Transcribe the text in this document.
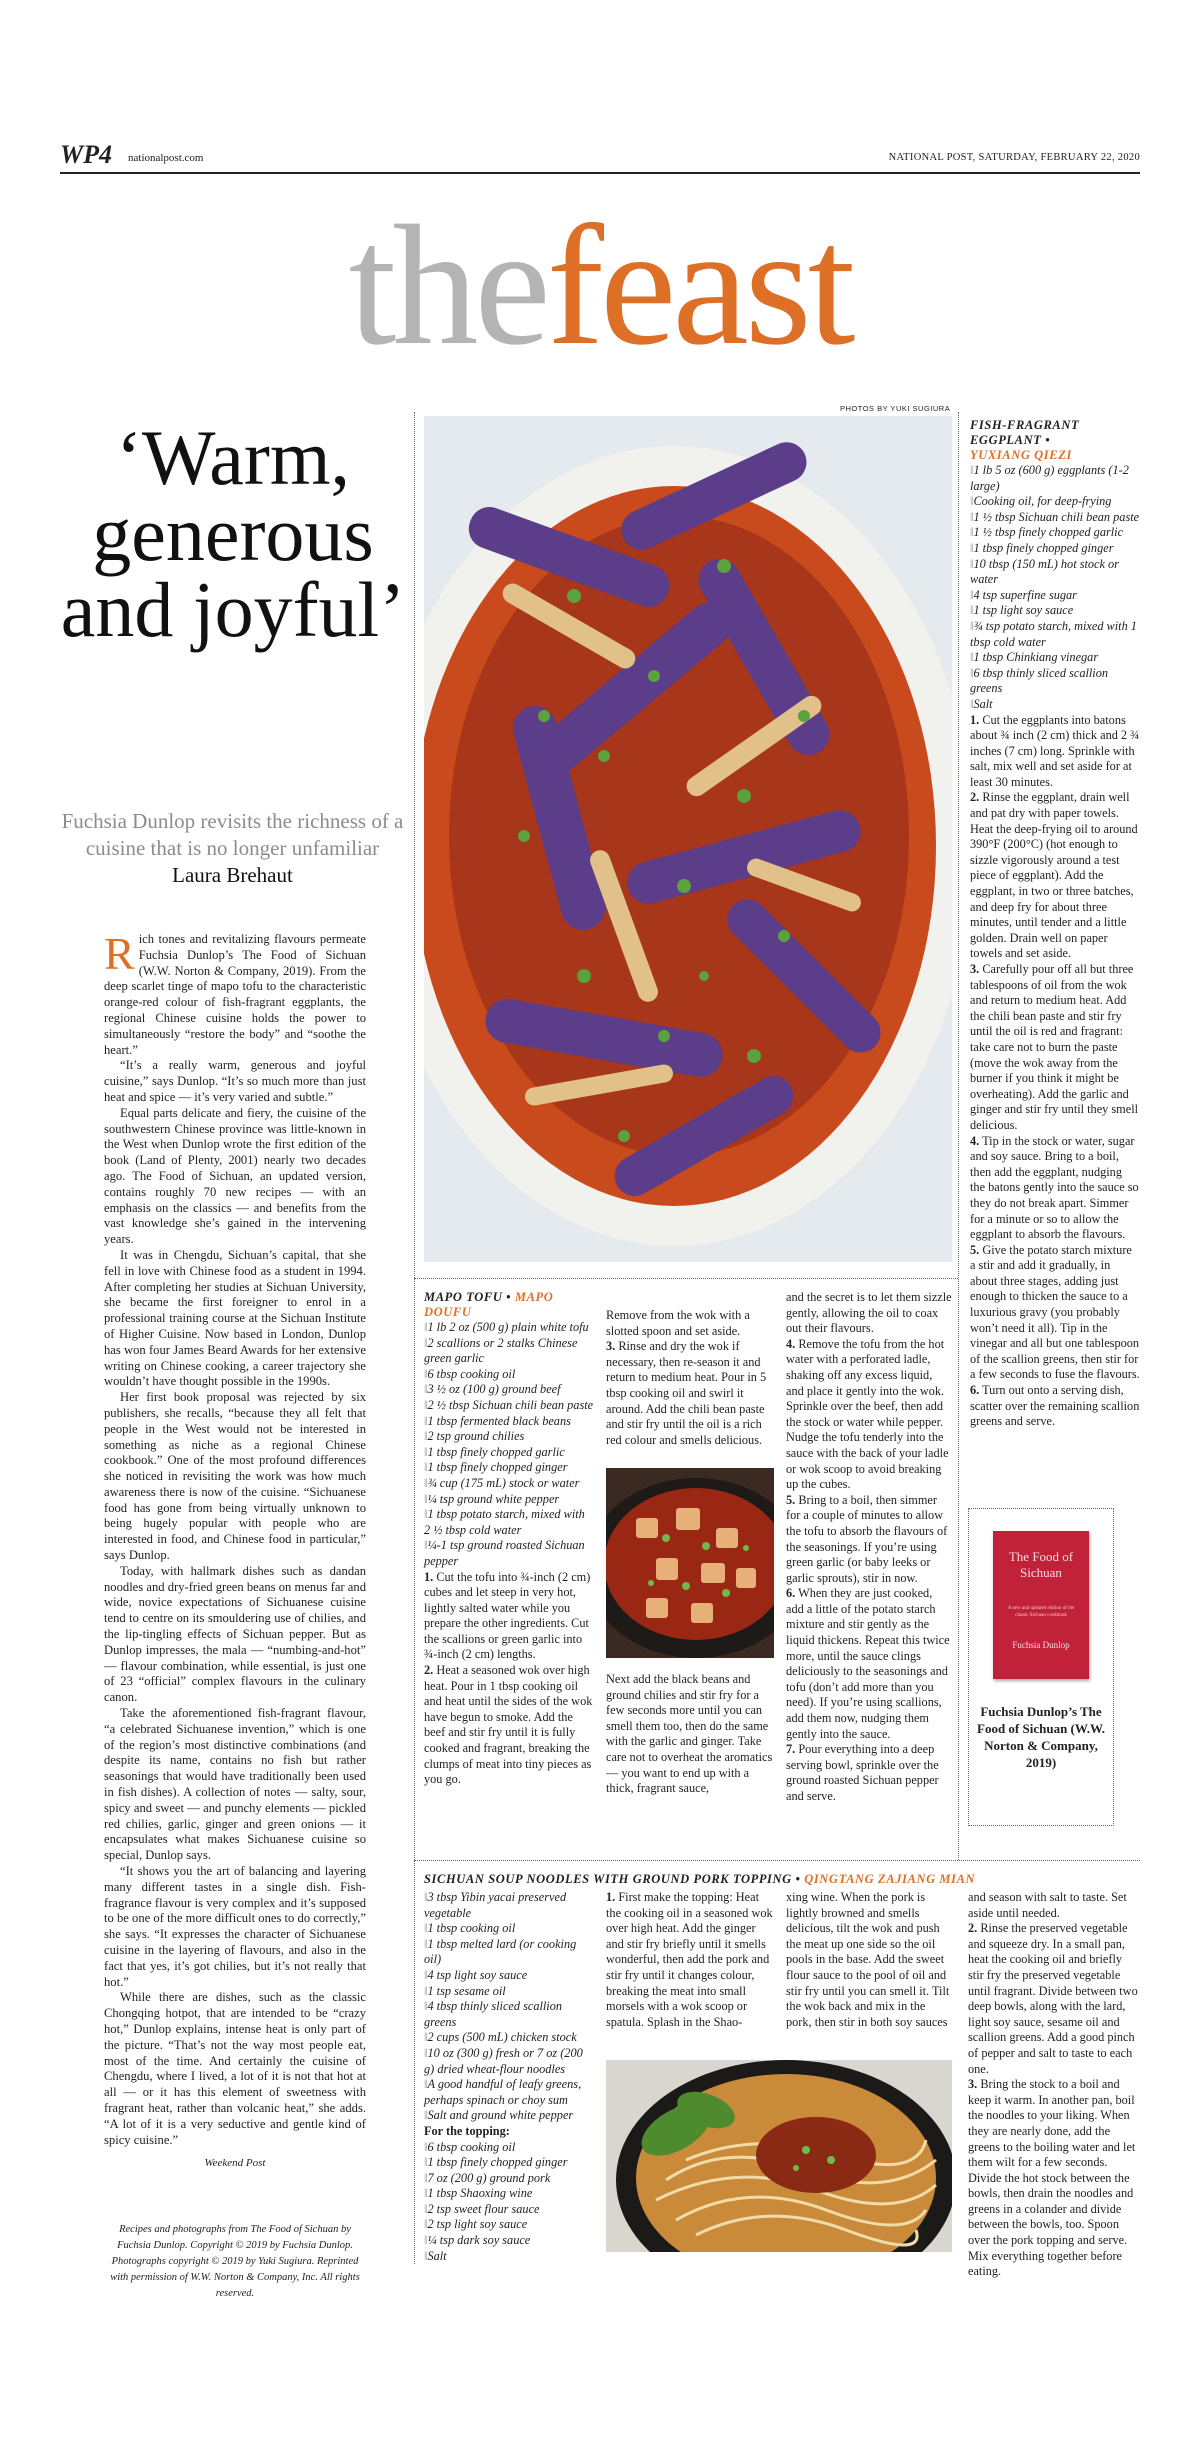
WP4 nationalpost.com	NATIONAL POST, SATURDAY, FEBRUARY 22, 2020
thefeast
PHOTOS BY YUKI SUGIURA
‘Warm, generous and joyful’
Fuchsia Dunlop revisits the richness of a cuisine that is no longer unfamiliar Laura Brehaut

Rich tones and revitalizing flavours permeate Fuchsia Dunlop’s The Food of Sichuan (W.W. Norton & Company, 2019). From the deep scarlet tinge of mapo tofu to the characteristic orange-red colour of fish-fragrant eggplants, the regional Chinese cuisine holds the power to simultaneously “restore the body” and “soothe the heart.”

“It’s a really warm, generous and joyful cuisine,” says Dunlop. “It’s so much more than just heat and spice — it’s very varied and subtle.”

Equal parts delicate and fiery, the cuisine of the southwestern Chinese province was little-known in the West when Dunlop wrote the first edition of the book (Land of Plenty, 2001) nearly two decades ago. The Food of Sichuan, an updated version, contains roughly 70 new recipes — with an emphasis on the classics — and benefits from the vast knowledge she’s gained in the intervening years.

It was in Chengdu, Sichuan’s capital, that she fell in love with Chinese food as a student in 1994. After completing her studies at Sichuan University, she became the first foreigner to enrol in a professional training course at the Sichuan Institute of Higher Cuisine. Now based in London, Dunlop has won four James Beard Awards for her extensive writing on Chinese cooking, a career trajectory she wouldn’t have thought possible in the 1990s.

Her first book proposal was rejected by six publishers, she recalls, “because they all felt that people in the West would not be interested in something as niche as a regional Chinese cookbook.” One of the most profound differences she noticed in revisiting the work was how much awareness there is now of the cuisine. “Sichuanese food has gone from being virtually unknown to being hugely popular with people who are interested in food, and Chinese food in particular,” says Dunlop.

Today, with hallmark dishes such as dandan noodles and dry-fried green beans on menus far and wide, novice expectations of Sichuanese cuisine tend to centre on its smouldering use of chilies, and the lip-tingling effects of Sichuan pepper. But as Dunlop impresses, the mala — “numbing-and-hot” — flavour combination, while essential, is just one of 23 “official” complex flavours in the culinary canon.

Take the aforementioned fish-fragrant flavour, “a celebrated Sichuanese invention,” which is one of the region’s most distinctive combinations (and despite its name, contains no fish but rather seasonings that would have traditionally been used in fish dishes). A collection of notes — salty, sour, spicy and sweet — and punchy elements — pickled red chilies, garlic, ginger and green onions — it encapsulates what makes Sichuanese cuisine so special, Dunlop says.

“It shows you the art of balancing and layering many different tastes in a single dish. Fish-fragrance flavour is very complex and it’s supposed to be one of the more difficult ones to do correctly,” she says. “It expresses the character of Sichuanese cuisine in the layering of flavours, and also in the fact that yes, it’s got chilies, but it’s not really that hot.”

While there are dishes, such as the classic Chongqing hotpot, that are intended to be “crazy hot,” Dunlop explains, intense heat is only part of the picture. “That’s not the way most people eat, most of the time. And certainly the cuisine of Chengdu, where I lived, a lot of it is not that hot at all — or it has this element of sweetness with fragrant heat, rather than volcanic heat,” she adds. “A lot of it is a very seductive and gentle kind of spicy cuisine.”

Weekend Post
Recipes and photographs from The Food of Sichuan by Fuchsia Dunlop. Copyright © 2019 by Fuchsia Dunlop. Photographs copyright © 2019 by Yuki Sugiura. Reprinted with permission of W.W. Norton & Company, Inc. All rights reserved.
FISH-FRAGRANT EGGPLANT •
YUXIANG QIEZI
‖ 1 lb 5 oz (600 g) eggplants (1-2 large)
‖ Cooking oil, for deep-frying
‖ 1 ½ tbsp Sichuan chili bean paste
‖ 1 ½ tbsp finely chopped garlic
‖ 1 tbsp finely chopped ginger
‖ 10 tbsp (150 mL) hot stock or water
‖ 4 tsp superfine sugar
‖ 1 tsp light soy sauce
‖ ¾ tsp potato starch, mixed with 1 tbsp cold water
‖ 1 tbsp Chinkiang vinegar
‖ 6 tbsp thinly sliced scallion greens
‖ Salt

1. Cut the eggplants into batons about ¾ inch (2 cm) thick and 2 ¾ inches (7 cm) long. Sprinkle with salt, mix well and set aside for at least 30 minutes.

2. Rinse the eggplant, drain well and pat dry with paper towels. Heat the deep-frying oil to around 390°F (200°C) (hot enough to sizzle vigorously around a test piece of eggplant). Add the eggplant, in two or three batches, and deep fry for about three minutes, until tender and a little golden. Drain well on paper towels and set aside.

3. Carefully pour off all but three tablespoons of oil from the wok and return to medium heat. Add the chili bean paste and stir fry until the oil is red and fragrant: take care not to burn the paste (move the wok away from the burner if you think it might be overheating). Add the garlic and ginger and stir fry until they smell delicious.

4. Tip in the stock or water, sugar and soy sauce. Bring to a boil, then add the eggplant, nudging the batons gently into the sauce so they do not break apart. Simmer for a minute or so to allow the eggplant to absorb the flavours.

5. Give the potato starch mixture a stir and add it gradually, in about three stages, adding just enough to thicken the sauce to a luxurious gravy (you probably won’t need it all). Tip in the vinegar and all but one tablespoon of the scallion greens, then stir for a few seconds to fuse the flavours.

6. Turn out onto a serving dish, scatter over the remaining scallion greens and serve.

The Food of Sichuan
A new and updated edition of the classic Sichuan cookbook
Fuchsia Dunlop
Fuchsia Dunlop’s The Food of Sichuan (W.W. Norton & Company, 2019)
MAPO TOFU • MAPO DOUFU
‖ 1 lb 2 oz (500 g) plain white tofu
‖ 2 scallions or 2 stalks Chinese green garlic
‖ 6 tbsp cooking oil
‖ 3 ½ oz (100 g) ground beef
‖ 2 ½ tbsp Sichuan chili bean paste
‖ 1 tbsp fermented black beans
‖ 2 tsp ground chilies
‖ 1 tbsp finely chopped garlic
‖ 1 tbsp finely chopped ginger
‖ ¾ cup (175 mL) stock or water
‖ ¼ tsp ground white pepper
‖ 1 tbsp potato starch, mixed with 2 ½ tbsp cold water
‖ ¼-1 tsp ground roasted Sichuan pepper

1. Cut the tofu into ¾-inch (2 cm) cubes and let steep in very hot, lightly salted water while you prepare the other ingredients. Cut the scallions or green garlic into ¾-inch (2 cm) lengths.

2. Heat a seasoned wok over high heat. Pour in 1 tbsp cooking oil and heat until the sides of the wok have begun to smoke. Add the beef and stir fry until it is fully cooked and fragrant, breaking the clumps of meat into tiny pieces as you go.

Remove from the wok with a slotted spoon and set aside.

3. Rinse and dry the wok if necessary, then re-season it and return to medium heat. Pour in 5 tbsp cooking oil and swirl it around. Add the chili bean paste and stir fry until the oil is a rich red colour and smells delicious.

Next add the black beans and ground chilies and stir fry for a few seconds more until you can smell them too, then do the same with the garlic and ginger. Take care not to overheat the aromatics — you want to end up with a thick, fragrant sauce,

and the secret is to let them sizzle gently, allowing the oil to coax out their flavours.

4. Remove the tofu from the hot water with a perforated ladle, shaking off any excess liquid, and place it gently into the wok. Sprinkle over the beef, then add the stock or water while pepper. Nudge the tofu tenderly into the sauce with the back of your ladle or wok scoop to avoid breaking up the cubes.

5. Bring to a boil, then simmer for a couple of minutes to allow the tofu to absorb the flavours of the seasonings. If you’re using green garlic (or baby leeks or garlic sprouts), stir in now.

6. When they are just cooked, add a little of the potato starch mixture and stir gently as the liquid thickens. Repeat this twice more, until the sauce clings deliciously to the seasonings and tofu (don’t add more than you need). If you’re using scallions, add them now, nudging them gently into the sauce.

7. Pour everything into a deep serving bowl, sprinkle over the ground roasted Sichuan pepper and serve.

SICHUAN SOUP NOODLES WITH GROUND PORK TOPPING • QINGTANG ZAJIANG MIAN
‖ 3 tbsp Yibin yacai preserved vegetable
‖ 1 tbsp cooking oil
‖ 1 tbsp melted lard (or cooking oil)
‖ 4 tsp light soy sauce
‖ 1 tsp sesame oil
‖ 4 tbsp thinly sliced scallion greens
‖ 2 cups (500 mL) chicken stock
‖ 10 oz (300 g) fresh or 7 oz (200 g) dried wheat-flour noodles
‖ A good handful of leafy greens, perhaps spinach or choy sum
‖ Salt and ground white pepper
For the topping:
‖ 6 tbsp cooking oil
‖ 1 tbsp finely chopped ginger
‖ 7 oz (200 g) ground pork
‖ 1 tbsp Shaoxing wine
‖ 2 tsp sweet flour sauce
‖ 2 tsp light soy sauce
‖ ¼ tsp dark soy sauce
‖ Salt

1. First make the topping: Heat the cooking oil in a seasoned wok over high heat. Add the ginger and stir fry briefly until it smells wonderful, then add the pork and stir fry until it changes colour, breaking the meat into small morsels with a wok scoop or spatula. Splash in the Shao-

xing wine. When the pork is lightly browned and smells delicious, tilt the wok and push the meat up one side so the oil pools in the base. Add the sweet flour sauce to the pool of oil and stir fry until you can smell it. Tilt the wok back and mix in the pork, then stir in both soy sauces

and season with salt to taste. Set aside until needed.

2. Rinse the preserved vegetable and squeeze dry. In a small pan, heat the cooking oil and briefly stir fry the preserved vegetable until fragrant. Divide between two deep bowls, along with the lard, light soy sauce, sesame oil and scallion greens. Add a good pinch of pepper and salt to taste to each one.

3. Bring the stock to a boil and keep it warm. In another pan, boil the noodles to your liking. When they are nearly done, add the greens to the boiling water and let them wilt for a few seconds. Divide the hot stock between the bowls, then drain the noodles and greens in a colander and divide between the bowls, too. Spoon over the pork topping and serve. Mix everything together before eating.
